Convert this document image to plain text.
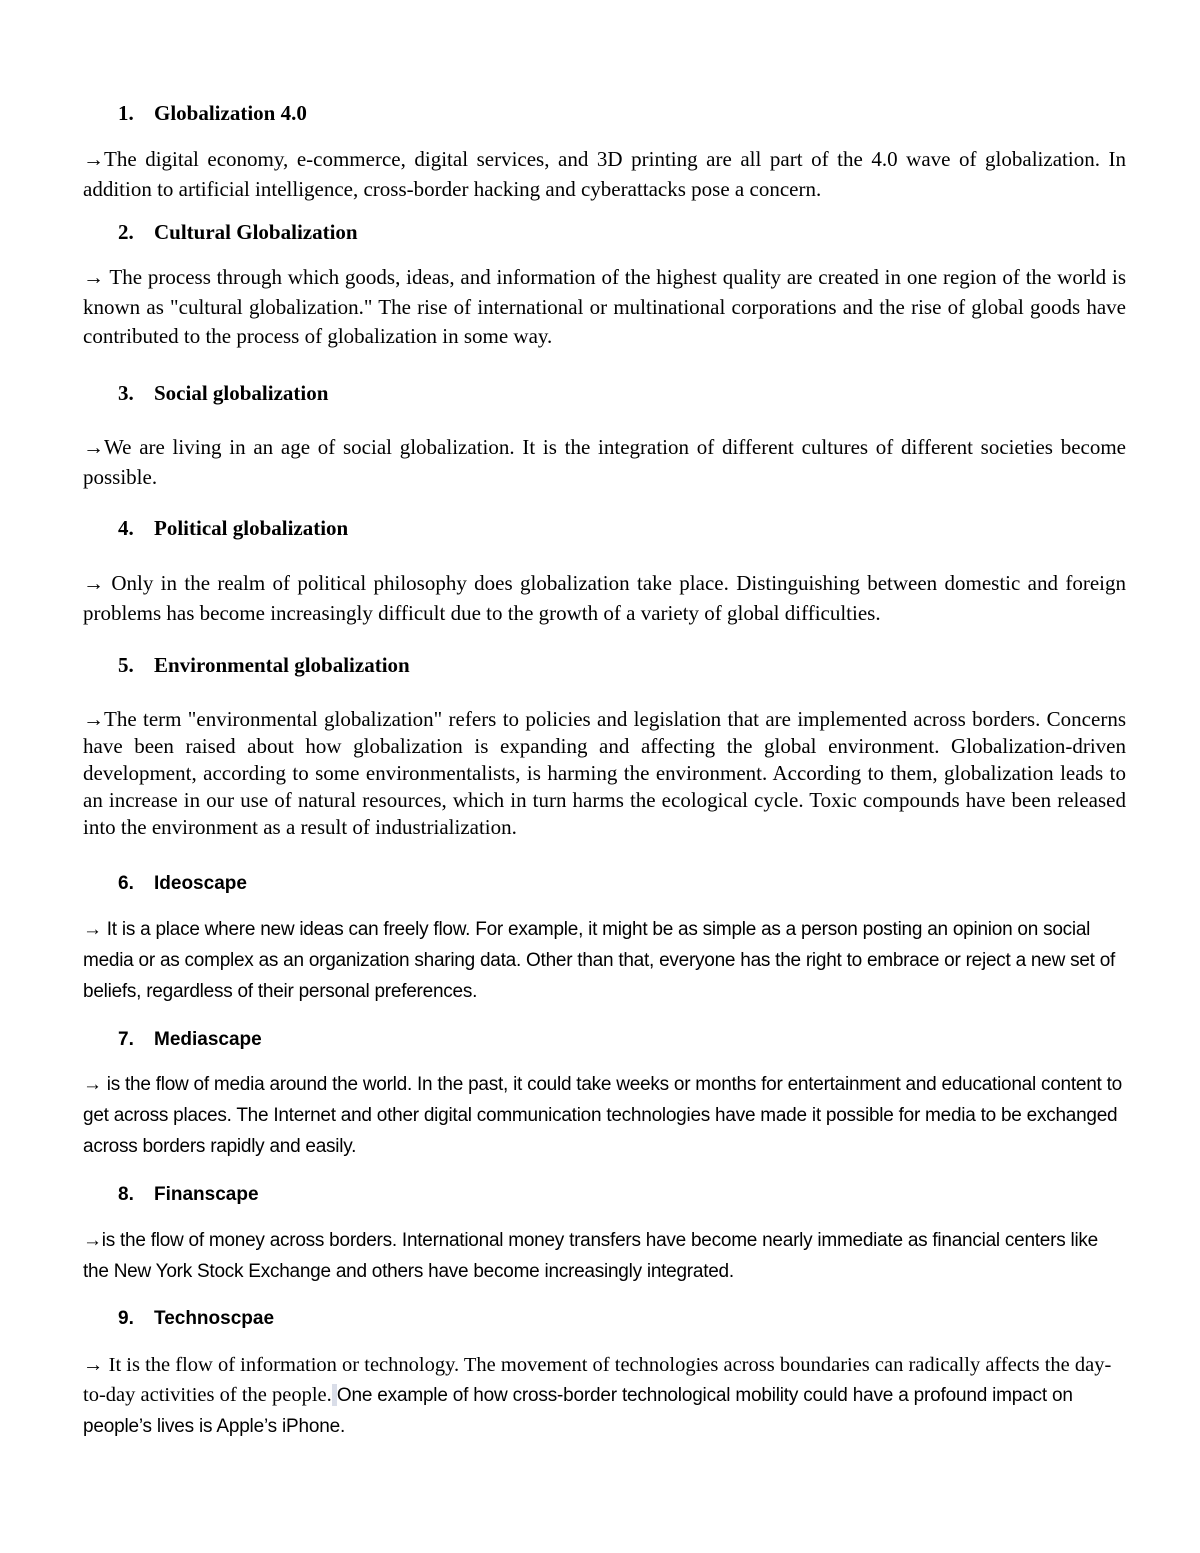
1. Globalization 4.0

→The digital economy, e-commerce, digital services, and 3D printing are all part of the 4.0 wave of globalization. In addition to artificial intelligence, cross-border hacking and cyberattacks pose a concern.

2. Cultural Globalization

→ The process through which goods, ideas, and information of the highest quality are created in one region of the world is known as "cultural globalization." The rise of international or multinational corporations and the rise of global goods have contributed to the process of globalization in some way.

3. Social globalization

→We are living in an age of social globalization. It is the integration of different cultures of different societies become possible.

4. Political globalization

→ Only in the realm of political philosophy does globalization take place. Distinguishing between domestic and foreign problems has become increasingly difficult due to the growth of a variety of global difficulties.

5. Environmental globalization

→The term "environmental globalization" refers to policies and legislation that are implemented across borders. Concerns have been raised about how globalization is expanding and affecting the global environment. Globalization-driven development, according to some environmentalists, is harming the environment. According to them, globalization leads to an increase in our use of natural resources, which in turn harms the ecological cycle. Toxic compounds have been released into the environment as a result of industrialization.

6. Ideoscape

→ It is a place where new ideas can freely flow. For example, it might be as simple as a person posting an opinion on social media or as complex as an organization sharing data. Other than that, everyone has the right to embrace or reject a new set of beliefs, regardless of their personal preferences.

7. Mediascape

→ is the flow of media around the world. In the past, it could take weeks or months for entertainment and educational content to get across places. The Internet and other digital communication technologies have made it possible for media to be exchanged across borders rapidly and easily.

8. Finanscape

→is the flow of money across borders. International money transfers have become nearly immediate as financial centers like the New York Stock Exchange and others have become increasingly integrated.

9. Technoscpae

→ It is the flow of information or technology. The movement of technologies across boundaries can radically affects the day-to-day activities of the people. One example of how cross-border technological mobility could have a profound impact on people’s lives is Apple’s iPhone.
